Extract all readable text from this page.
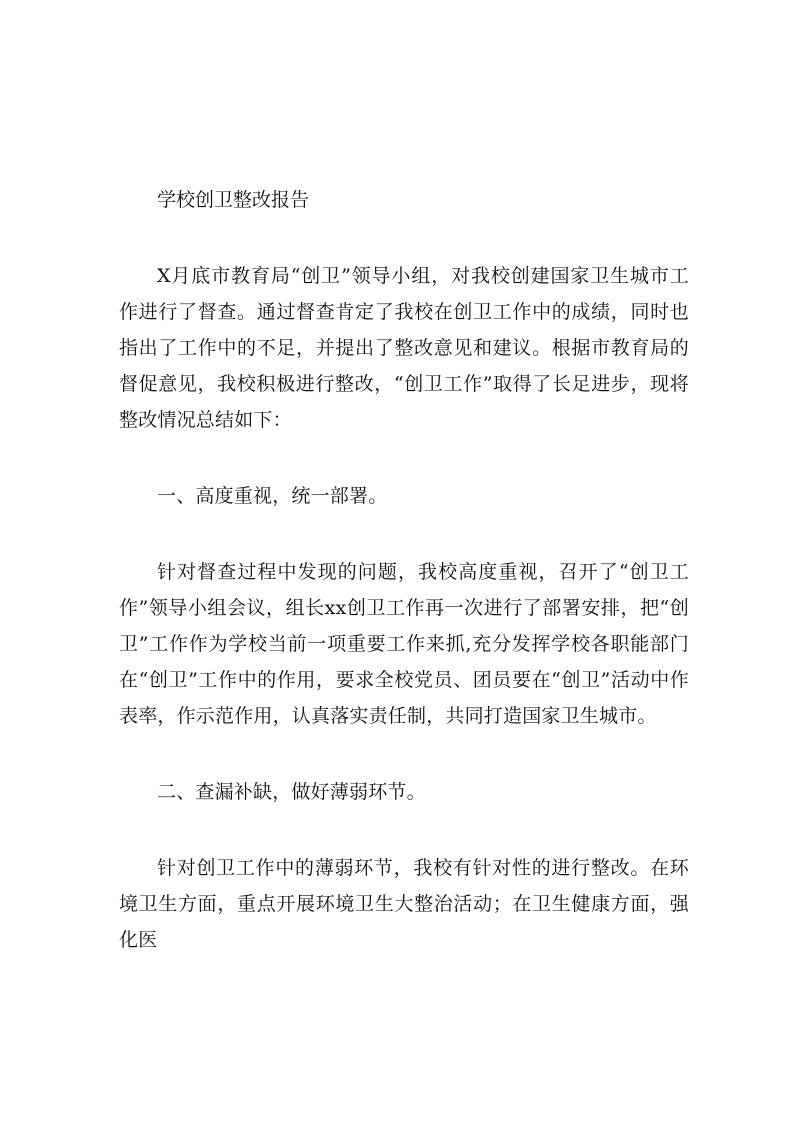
学校创卫整改报告

X月底市教育局“创卫”领导小组，对我校创建国家卫生城市工作进行了督查。通过督查肯定了我校在创卫工作中的成绩，同时也指出了工作中的不足，并提出了整改意见和建议。根据市教育局的督促意见，我校积极进行整改，“创卫工作”取得了长足进步，现将整改情况总结如下：

一、高度重视，统一部署。

针对督查过程中发现的问题，我校高度重视，召开了“创卫工作”领导小组会议，组长xx创卫工作再一次进行了部署安排，把“创卫”工作作为学校当前一项重要工作来抓,充分发挥学校各职能部门在“创卫”工作中的作用，要求全校党员、团员要在“创卫”活动中作表率，作示范作用，认真落实责任制，共同打造国家卫生城市。

二、查漏补缺，做好薄弱环节。

针对创卫工作中的薄弱环节，我校有针对性的进行整改。在环境卫生方面，重点开展环境卫生大整治活动；在卫生健康方面，强化医
